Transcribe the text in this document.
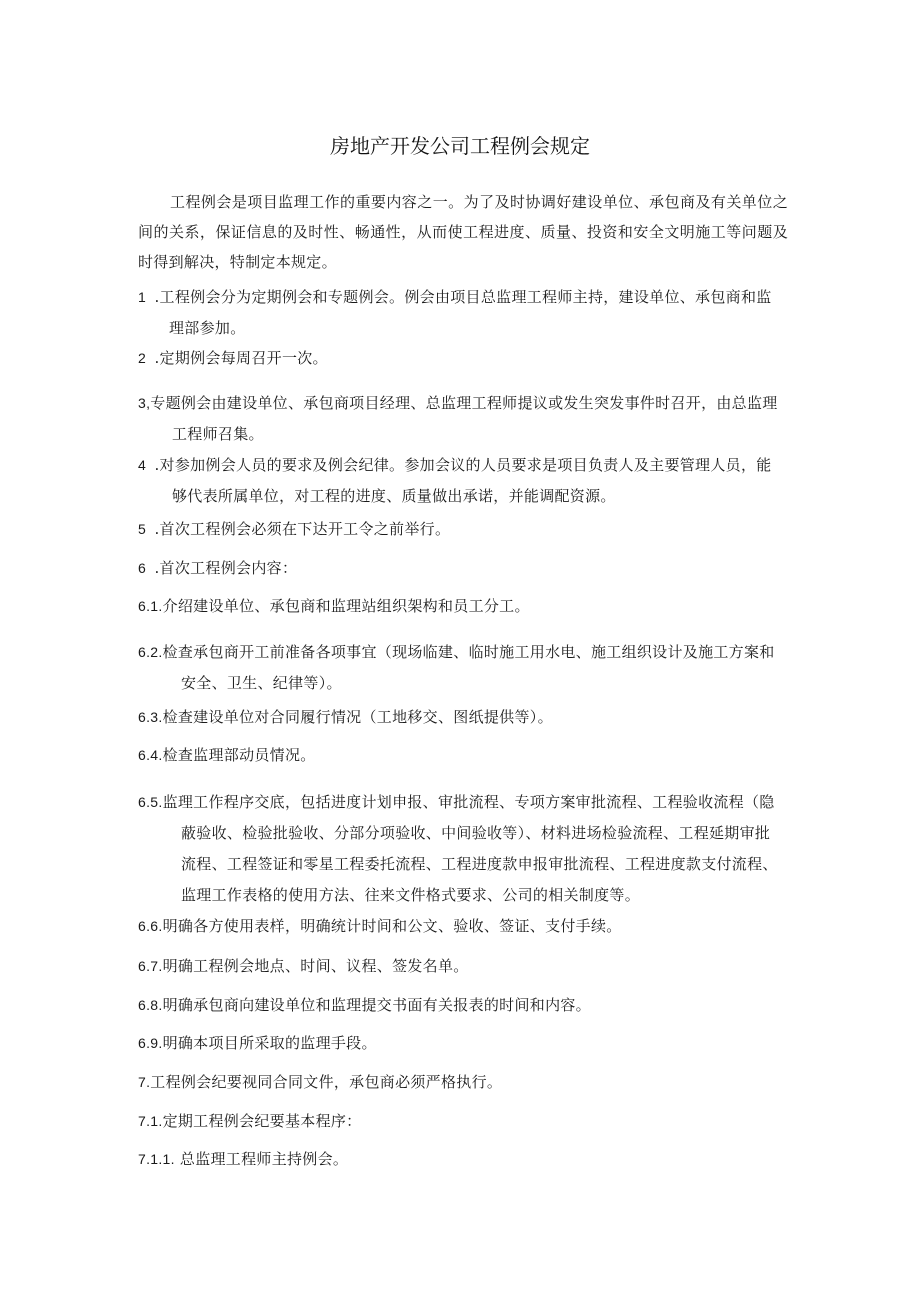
房地产开发公司工程例会规定
工程例会是项目监理工作的重要内容之一。为了及时协调好建设单位、承包商及有关单位之间的关系，保证信息的及时性、畅通性，从而使工程进度、质量、投资和安全文明施工等问题及时得到解决，特制定本规定。
1  .工程例会分为定期例会和专题例会。例会由项目总监理工程师主持，建设单位、承包商和监
理部参加。
2  .定期例会每周召开一次。
3,专题例会由建设单位、承包商项目经理、总监理工程师提议或发生突发事件时召开，由总监理
工程师召集。
4  .对参加例会人员的要求及例会纪律。参加会议的人员要求是项目负责人及主要管理人员，能
够代表所属单位，对工程的进度、质量做出承诺，并能调配资源。
5  .首次工程例会必须在下达开工令之前举行。
6  .首次工程例会内容：
6.1.介绍建设单位、承包商和监理站组织架构和员工分工。
6.2.检查承包商开工前准备各项事宜（现场临建、临时施工用水电、施工组织设计及施工方案和
安全、卫生、纪律等）。
6.3.检查建设单位对合同履行情况（工地移交、图纸提供等）。
6.4.检查监理部动员情况。
6.5.监理工作程序交底，包括进度计划申报、审批流程、专项方案审批流程、工程验收流程（隐
蔽验收、检验批验收、分部分项验收、中间验收等）、材料进场检验流程、工程延期审批
流程、工程签证和零星工程委托流程、工程进度款申报审批流程、工程进度款支付流程、
监理工作表格的使用方法、往来文件格式要求、公司的相关制度等。
6.6.明确各方使用表样，明确统计时间和公文、验收、签证、支付手续。
6.7.明确工程例会地点、时间、议程、签发名单。
6.8.明确承包商向建设单位和监理提交书面有关报表的时间和内容。
6.9.明确本项目所采取的监理手段。
7.工程例会纪要视同合同文件，承包商必须严格执行。
7.1.定期工程例会纪要基本程序：
7.1.1. 总监理工程师主持例会。
